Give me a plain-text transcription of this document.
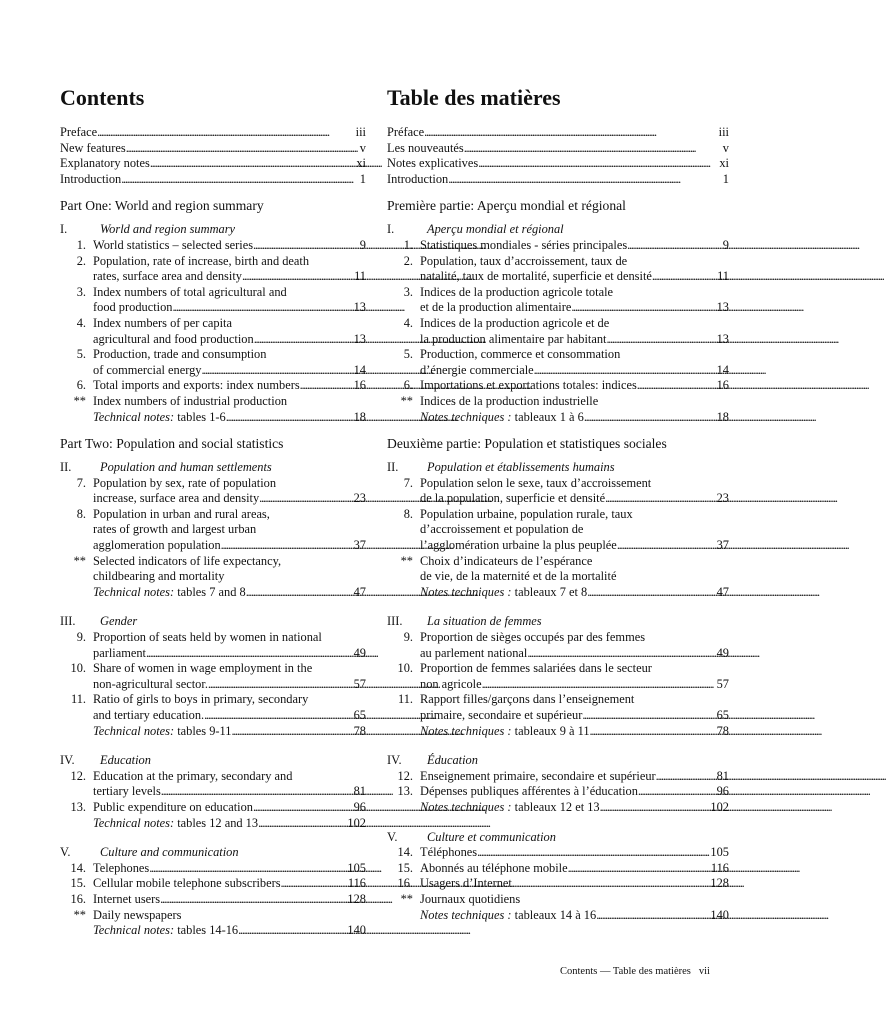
Contents
Preface . . .	iii
New features . . .	v
Explanatory notes . . .	xi
Introduction . . .	1
Part One: World and region summary
I.	World and region summary
1. World statistics – selected series . . .	9
2. Population, rate of increase, birth and death
rates, surface area and density . . .	11
3. Index numbers of total agricultural and
food production . . .	13
4. Index numbers of per capita
agricultural and food production . . .	13
5. Production, trade and consumption
of commercial energy . . .	14
6. Total imports and exports: index numbers . . .	16
** Index numbers of industrial production
Technical notes: tables 1-6 . . .	18
Part Two: Population and social statistics
II.	Population and human settlements
7. Population by sex, rate of population
increase, surface area and density . . .	23
8. Population in urban and rural areas,
rates of growth and largest urban
agglomeration population . . .	37
** Selected indicators of life expectancy,
childbearing and mortality
Technical notes: tables 7 and 8 . . .	47
III.	Gender
9. Proportion of seats held by women in national
parliament . . .	49
10. Share of women in wage employment in the
non-agricultural sector. . . .	57
11. Ratio of girls to boys in primary, secondary
and tertiary education. . . .	65
Technical notes: tables 9-11 . . .	78
IV.	Education
12. Education at the primary, secondary and
tertiary levels . . .	81
13. Public expenditure on education . . .	96
Technical notes: tables 12 and 13 . . .	102
V.	Culture and communication
14. Telephones . . .	105
15. Cellular mobile telephone subscribers . . .	116
16. Internet users . . .	128
** Daily newspapers
Technical notes: tables 14-16 . . .	140
Table des matières
Préface . . .	iii
Les nouveautés . . .	v
Notes explicatives . . .	xi
Introduction . . .	1
Première partie: Aperçu mondial et régional
I.	Aperçu mondial et régional
1. Statistiques mondiales - séries principales . . .	9
2. Population, taux d’accroissement, taux de
natalité, taux de mortalité, superficie et densité . . .	11
3. Indices de la production agricole totale
et de la production alimentaire . . .	13
4. Indices de la production agricole et de
la production alimentaire par habitant . . .	13
5. Production, commerce et consommation
d’énergie commerciale . . .	14
6. Importations et exportations totales: indices . . .	16
** Indices de la production industrielle
Notes techniques : tableaux 1 à 6 . . .	18
Deuxième partie: Population et statistiques sociales
II.	Population et établissements humains
7. Population selon le sexe, taux d’accroissement
de la population, superficie et densité . . .	23
8. Population urbaine, population rurale, taux
d’accroissement et population de
l’agglomération urbaine la plus peuplée . . .	37
** Choix d’indicateurs de l’espérance
de vie, de la maternité et de la mortalité
Notes techniques : tableaux 7 et 8 . . .	47
III.	La situation de femmes
9. Proportion de sièges occupés par des femmes
au parlement national . . .	49
10. Proportion de femmes salariées dans le secteur
non agricole . . .	57
11. Rapport filles/garçons dans l’enseignement
primaire, secondaire et supérieur . . .	65
Notes techniques : tableaux 9 à 11 . . .	78
IV.	Éducation
12. Enseignement primaire, secondaire et supérieur . . .	81
13. Dépenses publiques afférentes à l’éducation . . .	96
Notes techniques : tableaux 12 et 13 . . .	102
V.	Culture et communication
14. Téléphones . . .	105
15. Abonnés au téléphone mobile . . .	116
16. Usagers d’Internet . . .	128
** Journaux quotidiens
Notes techniques : tableaux 14 à 16 . . .	140
Contents — Table des matières vii
